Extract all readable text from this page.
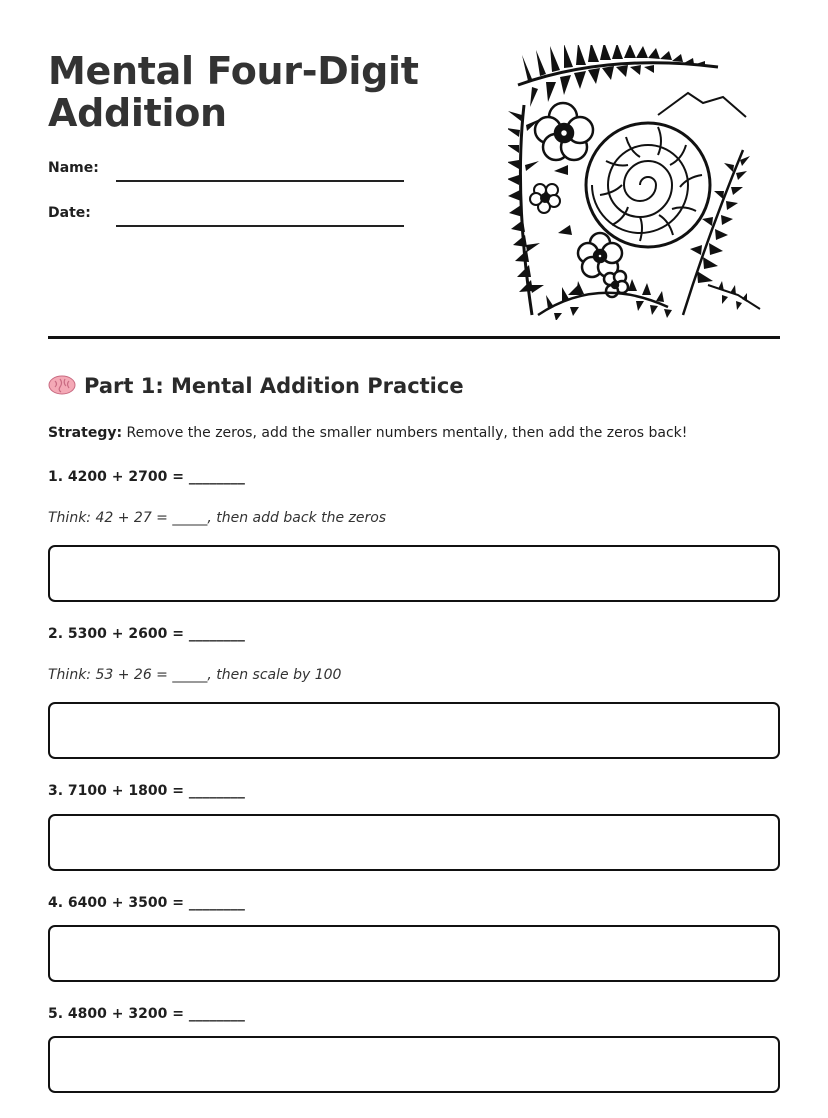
Mental Four-Digit
Addition
Name:
Date:
Part 1: Mental Addition Practice
Strategy: Remove the zeros, add the smaller numbers mentally, then add the zeros back!
1. 4200 + 2700 = ________
Think: 42 + 27 = _____, then add back the zeros
2. 5300 + 2600 = ________
Think: 53 + 26 = _____, then scale by 100
3. 7100 + 1800 = ________
4. 6400 + 3500 = ________
5. 4800 + 3200 = ________
